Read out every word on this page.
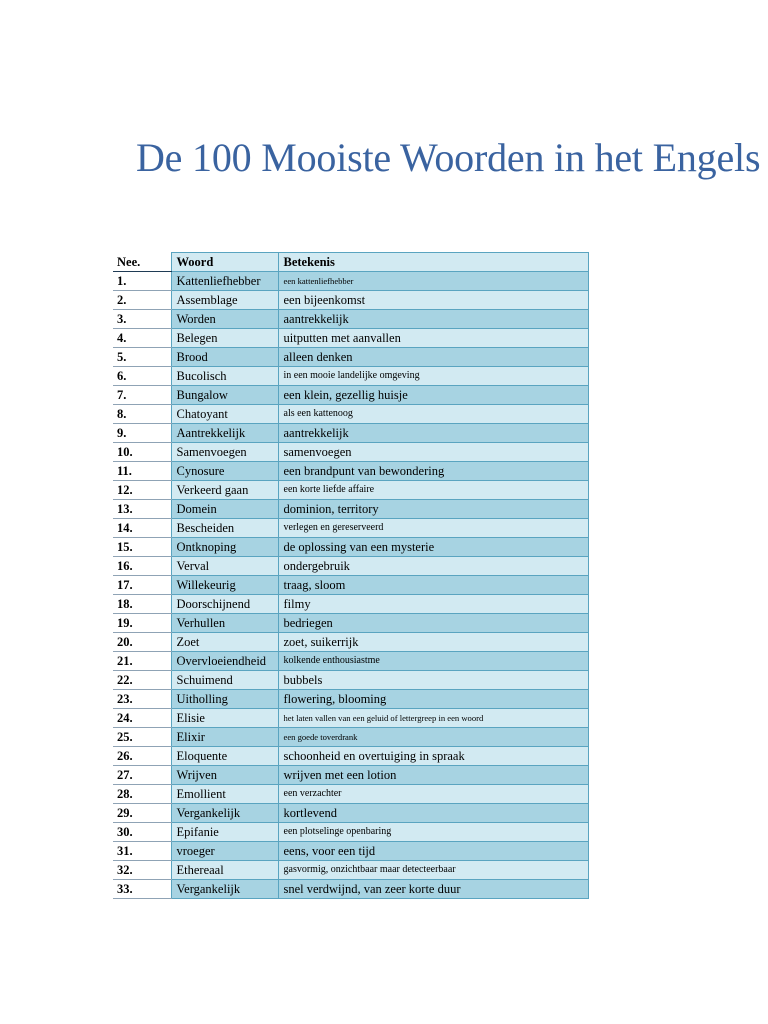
De 100 Mooiste Woorden in het Engels
Nee.	Woord	Betekenis
1.	Kattenliefhebber	een kattenliefhebber
2.	Assemblage	een bijeenkomst
3.	Worden	aantrekkelijk
4.	Belegen	uitputten met aanvallen
5.	Brood	alleen denken
6.	Bucolisch	in een mooie landelijke omgeving
7.	Bungalow	een klein, gezellig huisje
8.	Chatoyant	als een kattenoog
9.	Aantrekkelijk	aantrekkelijk
10.	Samenvoegen	samenvoegen
11.	Cynosure	een brandpunt van bewondering
12.	Verkeerd gaan	een korte liefde affaire
13.	Domein	dominion, territory
14.	Bescheiden	verlegen en gereserveerd
15.	Ontknoping	de oplossing van een mysterie
16.	Verval	ondergebruik
17.	Willekeurig	traag, sloom
18.	Doorschijnend	filmy
19.	Verhullen	bedriegen
20.	Zoet	zoet, suikerrijk
21.	Overvloeiendheid	kolkende enthousiastme
22.	Schuimend	bubbels
23.	Uitholling	flowering, blooming
24.	Elisie	het laten vallen van een geluid of lettergreep in een woord
25.	Elixir	een goede toverdrank
26.	Eloquente	schoonheid en overtuiging in spraak
27.	Wrijven	wrijven met een lotion
28.	Emollient	een verzachter
29.	Vergankelijk	kortlevend
30.	Epifanie	een plotselinge openbaring
31.	vroeger	eens, voor een tijd
32.	Ethereaal	gasvormig, onzichtbaar maar detecteerbaar
33.	Vergankelijk	snel verdwijnd, van zeer korte duur
